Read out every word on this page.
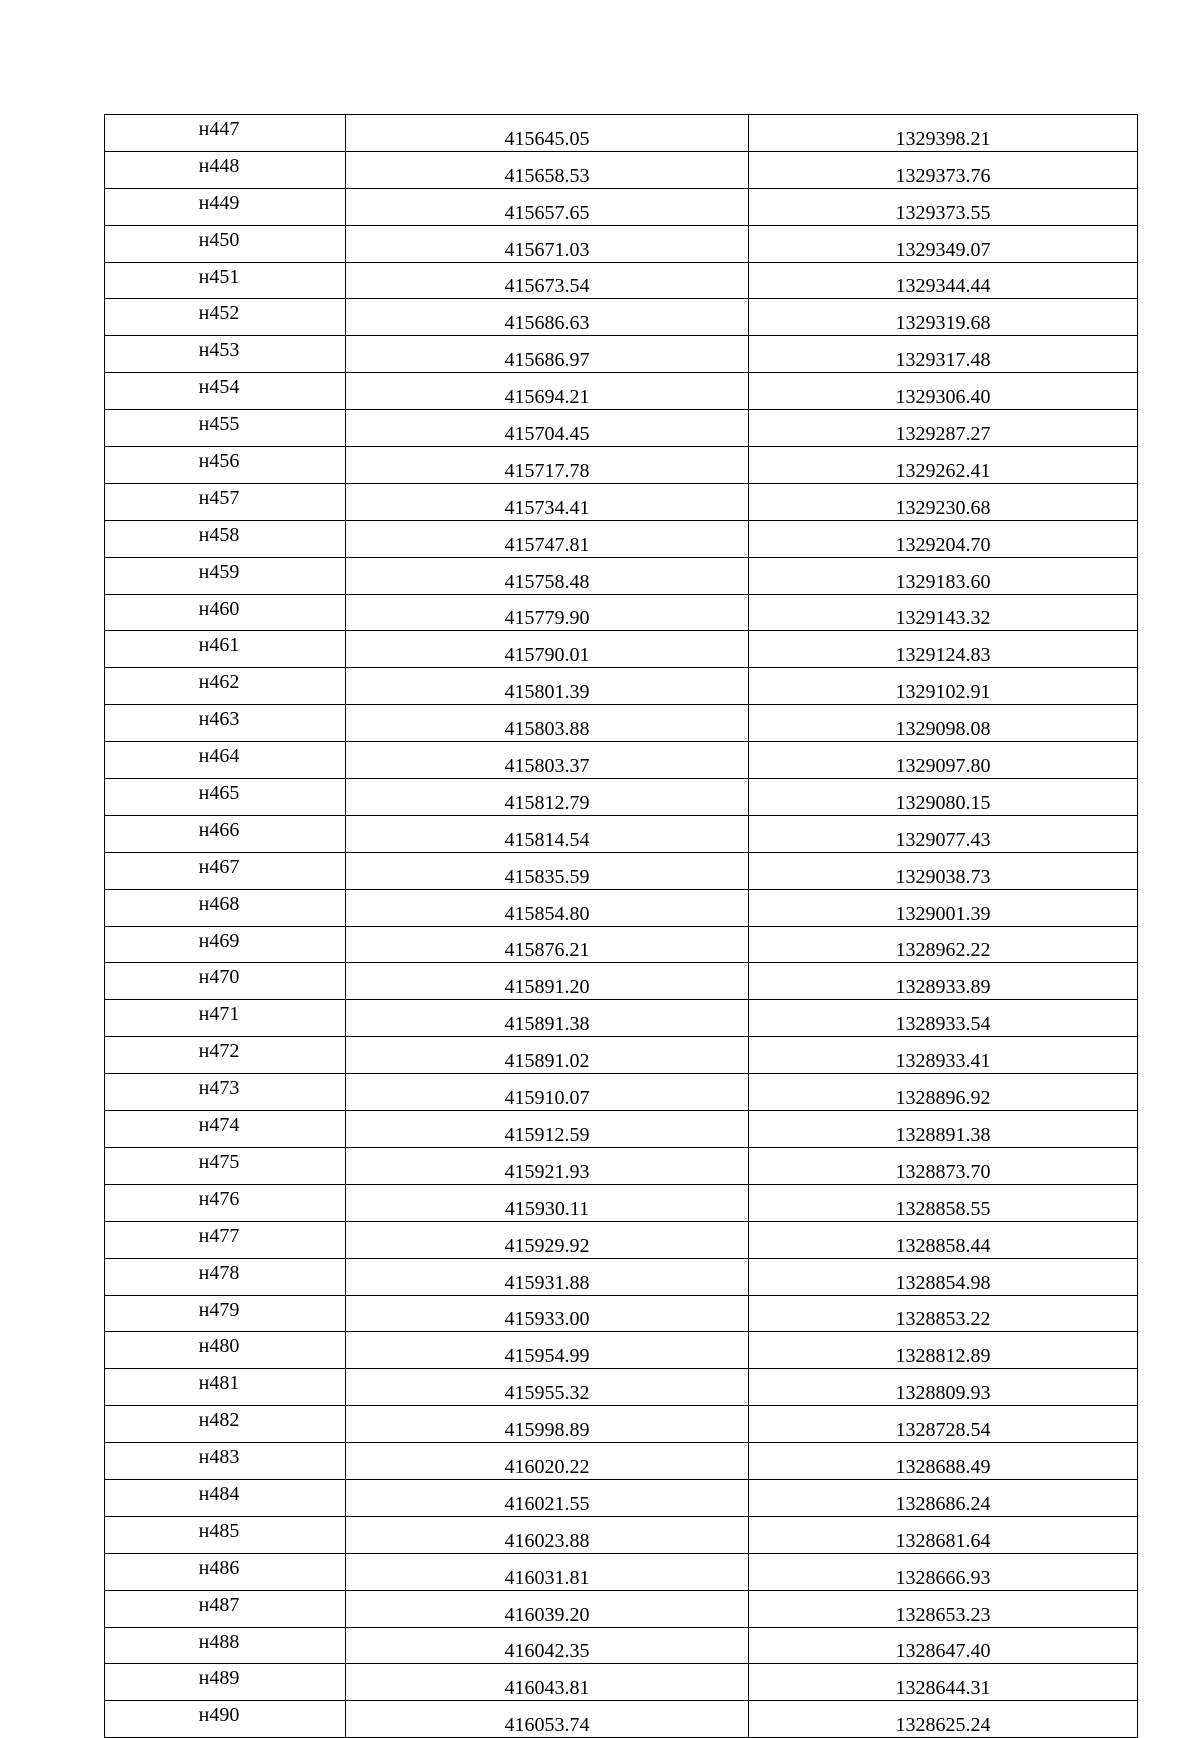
н447	415645.05	1329398.21
н448	415658.53	1329373.76
н449	415657.65	1329373.55
н450	415671.03	1329349.07
н451	415673.54	1329344.44
н452	415686.63	1329319.68
н453	415686.97	1329317.48
н454	415694.21	1329306.40
н455	415704.45	1329287.27
н456	415717.78	1329262.41
н457	415734.41	1329230.68
н458	415747.81	1329204.70
н459	415758.48	1329183.60
н460	415779.90	1329143.32
н461	415790.01	1329124.83
н462	415801.39	1329102.91
н463	415803.88	1329098.08
н464	415803.37	1329097.80
н465	415812.79	1329080.15
н466	415814.54	1329077.43
н467	415835.59	1329038.73
н468	415854.80	1329001.39
н469	415876.21	1328962.22
н470	415891.20	1328933.89
н471	415891.38	1328933.54
н472	415891.02	1328933.41
н473	415910.07	1328896.92
н474	415912.59	1328891.38
н475	415921.93	1328873.70
н476	415930.11	1328858.55
н477	415929.92	1328858.44
н478	415931.88	1328854.98
н479	415933.00	1328853.22
н480	415954.99	1328812.89
н481	415955.32	1328809.93
н482	415998.89	1328728.54
н483	416020.22	1328688.49
н484	416021.55	1328686.24
н485	416023.88	1328681.64
н486	416031.81	1328666.93
н487	416039.20	1328653.23
н488	416042.35	1328647.40
н489	416043.81	1328644.31
н490	416053.74	1328625.24
